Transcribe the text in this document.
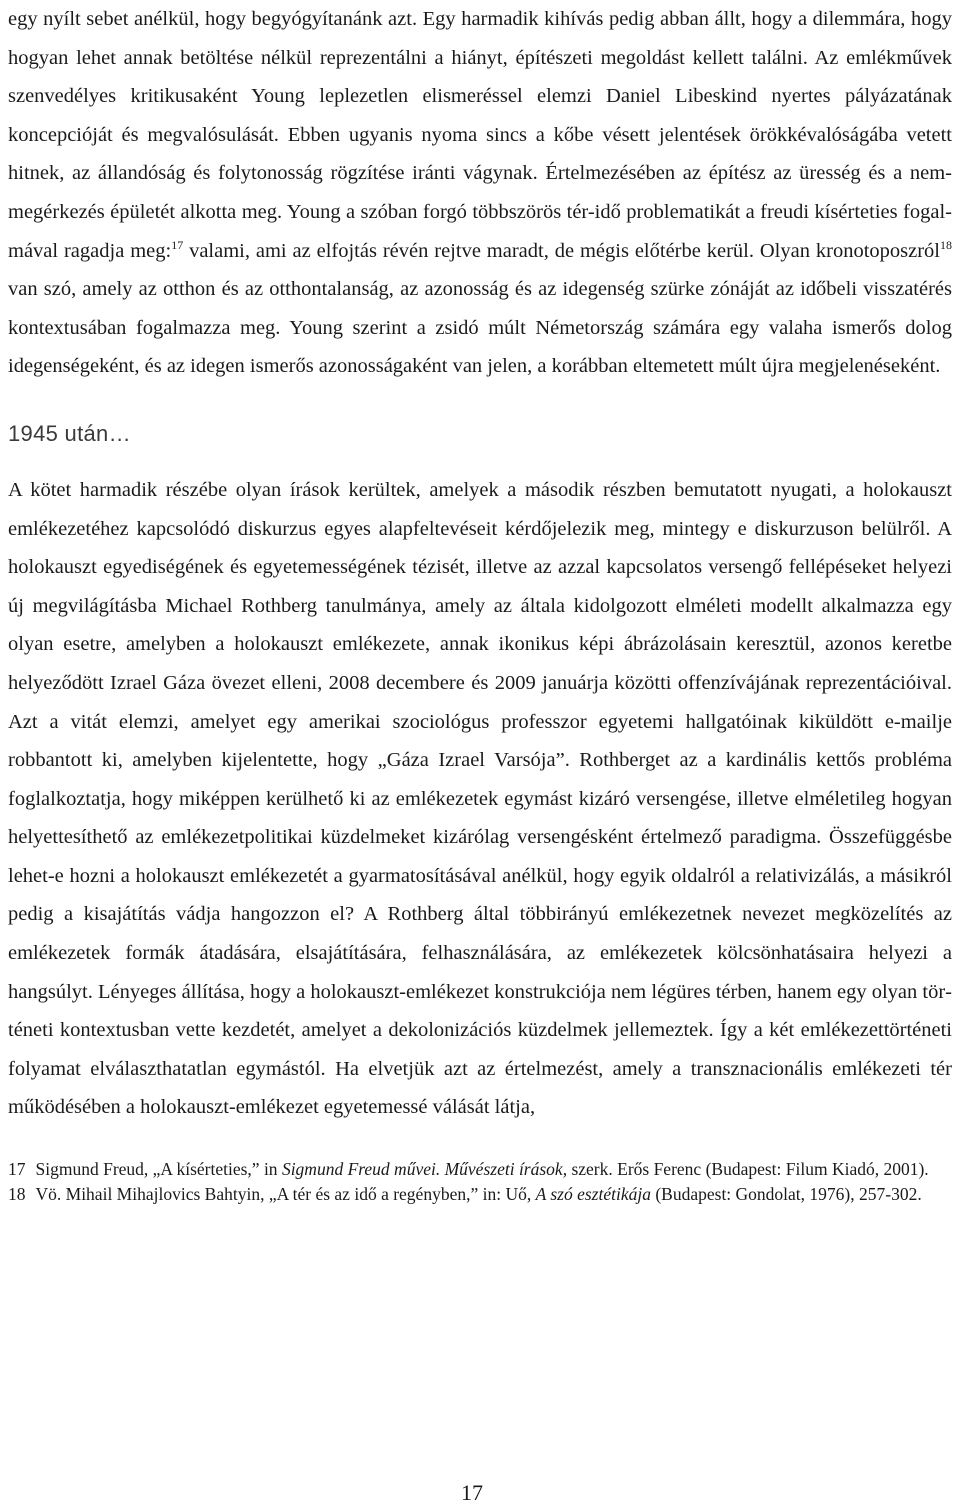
egy nyílt sebet anélkül, hogy begyógyítanánk azt. Egy harmadik kihívás pedig abban állt, hogy a dilemmára, hogy hogyan lehet annak betöltése nélkül reprezentálni a hiányt, építészeti megoldást kellett találni. Az emlékművek szenvedélyes kritikusaként Young leplezetlen elismeréssel elemzi Daniel Libeskind nyertes pályázatának koncepcióját és megvalósulását. Ebben ugyanis nyoma sincs a kőbe vésett jelentések örökkévalóságába vetett hitnek, az állandóság és folytonosság rögzítése iránti vágynak. Értelmezésében az építész az üresség és a nem-megérkezés épületét alkotta meg. Young a szóban forgó többszörös tér-idő problematikát a freudi kísérteties fogalmával ragadja meg:$^{17}$ valami, ami az elfojtás révén rejtve maradt, de mégis előtérbe kerül. Olyan kronotoposzról$^{18}$ van szó, amely az otthon és az otthontalanság, az azonosság és az idegenség szürke zónáját az időbeli visszatérés kontextusában fogalmazza meg. Young szerint a zsidó múlt Németország számára egy valaha ismerős dolog idegenségeként, és az idegen ismerős azonosságaként van jelen, a korábban eltemetett múlt újra megjelenéseként.

1945 után…

A kötet harmadik részébe olyan írások kerültek, amelyek a második részben bemutatott nyugati, a holokauszt emlékezetéhez kapcsolódó diskurzus egyes alapfeltevéseit kérdőjelezik meg, mintegy e diskurzuson belülről. A holokauszt egyediségének és egyetemességének tézisét, illetve az azzal kapcsolatos versengő fellépéseket helyezi új megvilágításba Michael Rothberg tanulmánya, amely az általa kidolgozott elméleti modellt alkalmazza egy olyan esetre, amelyben a holokauszt emlékezete, annak ikonikus képi ábrázolásain keresztül, azonos keretbe helyeződött Izrael Gáza övezet elleni, 2008 decembere és 2009 januárja közötti offenzívájának reprezentációival. Azt a vitát elemzi, amelyet egy amerikai szociológus professzor egyetemi hallgatóinak kiküldött e-mailje robbantott ki, amelyben kijelentette, hogy „Gáza Izrael Varsója”. Rothberget az a kardinális kettős probléma foglalkoztatja, hogy miképpen kerülhető ki az emlékezetek egymást kizáró versengése, illetve elméletileg hogyan helyettesíthető az emlékezetpolitikai küzdelmeket kizárólag versengésként értelmező paradigma. Összefüggésbe lehet-e hozni a holokauszt emlékezetét a gyarmatosításával anélkül, hogy egyik oldalról a relativizálás, a másikról pedig a kisajátítás vádja hangozzon el? A Rothberg által többirányú emlékezetnek nevezet megközelítés az emlékezetek formák átadására, elsajátítására, felhasználására, az emlékezetek kölcsönhatásaira helyezi a hangsúlyt. Lényeges állítása, hogy a holokauszt-emlékezet konstrukciója nem légüres térben, hanem egy olyan történeti kontextusban vette kezdetét, amelyet a dekolonizációs küzdelmek jellemeztek. Így a két emlékezettörténeti folyamat elválaszthatatlan egymástól. Ha elvetjük azt az értelmezést, amely a transznacionális emlékezeti tér működésében a holokauszt-emlékezet egyetemessé válását látja,

17 Sigmund Freud, „A kísérteties,” in Sigmund Freud művei. Művészeti írások, szerk. Erős Ferenc (Budapest: Filum Kiadó, 2001).

18 Vö. Mihail Mihajlovics Bahtyin, „A tér és az idő a regényben,” in: Uő, A szó esztétikája (Budapest: Gondolat, 1976), 257-302.

17
